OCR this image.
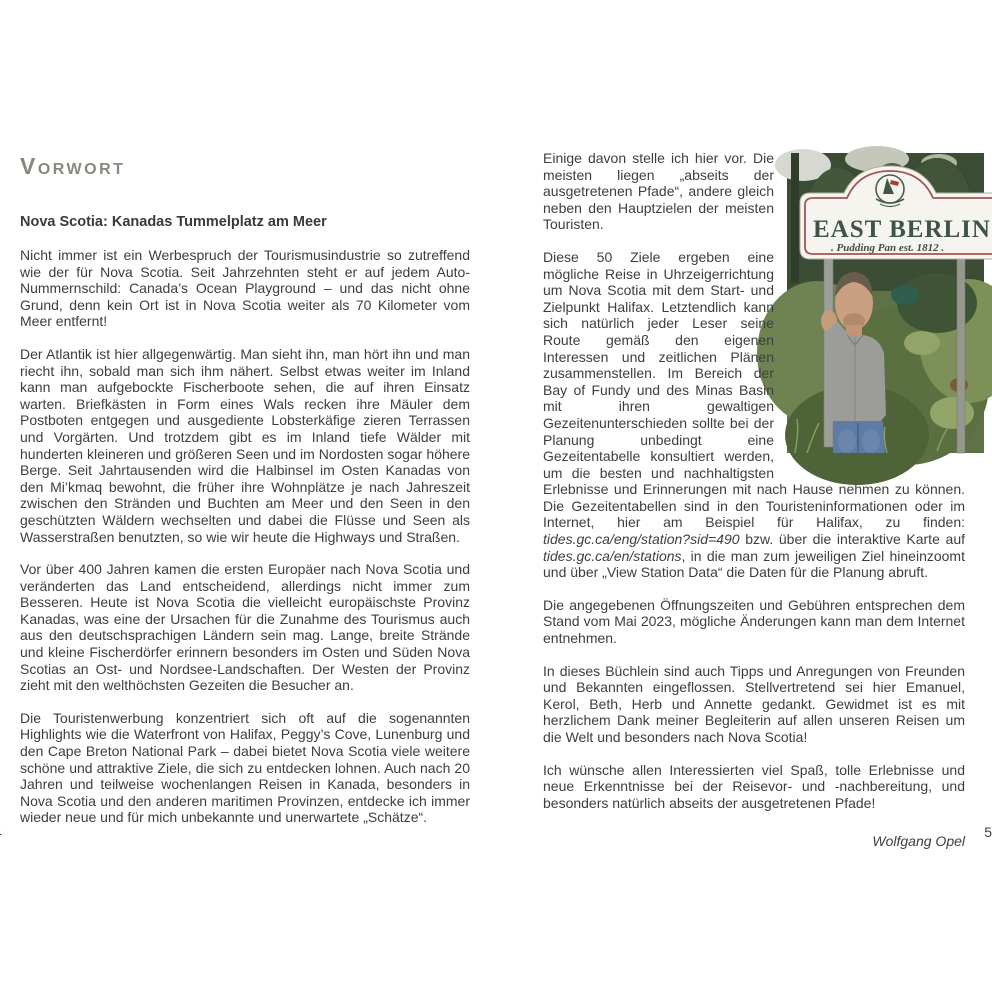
5
Vorwort
Nova Scotia: Kanadas Tummelplatz am Meer

Nicht immer ist ein Werbespruch der Tourismusindustrie so zutreffend wie der für Nova Scotia. Seit Jahrzehnten steht er auf jedem Auto-Nummernschild: Canada’s Ocean Playground – und das nicht ohne Grund, denn kein Ort ist in Nova Scotia weiter als 70 Kilometer vom Meer entfernt!

Der Atlantik ist hier allgegenwärtig. Man sieht ihn, man hört ihn und man riecht ihn, sobald man sich ihm nähert. Selbst etwas weiter im Inland kann man aufgebockte Fischerboote sehen, die auf ihren Einsatz warten. Briefkästen in Form eines Wals recken ihre Mäuler dem Postboten entgegen und ausgediente Lobsterkäfige zieren Terrassen und Vorgärten. Und trotzdem gibt es im Inland tiefe Wälder mit hunderten kleineren und größeren Seen und im Nordosten sogar höhere Berge. Seit Jahrtausenden wird die Halbinsel im Osten Kanadas von den Mi’kmaq bewohnt, die früher ihre Wohnplätze je nach Jahreszeit zwischen den Stränden und Buchten am Meer und den Seen in den geschützten Wäldern wechselten und dabei die Flüsse und Seen als Wasserstraßen benutzten, so wie wir heute die Highways und Straßen.

Vor über 400 Jahren kamen die ersten Europäer nach Nova Scotia und veränderten das Land entscheidend, allerdings nicht immer zum Besseren. Heute ist Nova Scotia die vielleicht europäischste Provinz Kanadas, was eine der Ursachen für die Zunahme des Tourismus auch aus den deutschsprachigen Ländern sein mag. Lange, breite Strände und kleine Fischerdörfer erinnern besonders im Osten und Süden Nova Scotias an Ost- und Nordsee-Landschaften. Der Westen der Provinz zieht mit den welthöchsten Gezeiten die Besucher an.

Die Touristenwerbung konzentriert sich oft auf die sogenannten Highlights wie die Waterfront von Halifax, Peggy’s Cove, Lunenburg und den Cape Breton National Park – dabei bietet Nova Scotia viele weitere schöne und attraktive Ziele, die sich zu entdecken lohnen. Auch nach 20 Jahren und teilweise wochenlangen Reisen in Kanada, besonders in Nova Scotia und den anderen maritimen Provinzen, entdecke ich immer wieder neue und für mich unbekannte und unerwartete „Schätze“.

EAST BERLIN
. Pudding Pan est. 1812 .

Einige davon stelle ich hier vor. Die meisten liegen „abseits der ausgetretenen Pfade“, andere gleich neben den Hauptzielen der meisten Touristen.

Diese 50 Ziele ergeben eine mögliche Reise in Uhrzeigerrichtung um Nova Scotia mit dem Start- und Zielpunkt Halifax. Letztendlich kann sich natürlich jeder Leser seine Route gemäß den eigenen Interessen und zeitlichen Plänen zusammenstellen. Im Bereich der Bay of Fundy und des Minas Basin mit ihren gewaltigen Gezeitenunterschieden sollte bei der Planung unbedingt eine Gezeitentabelle konsultiert werden, um die besten und nachhaltigsten Erlebnisse und Erinnerungen mit nach Hause nehmen zu können. Die Gezeitentabellen sind in den Touristeninformationen oder im Internet, hier am Beispiel für Halifax, zu finden: tides.gc.ca/eng/station?sid=490 bzw. über die interaktive Karte auf tides.gc.ca/en/stations, in die man zum jeweiligen Ziel hineinzoomt und über „View Station Data“ die Daten für die Planung abruft.

Die angegebenen Öffnungszeiten und Gebühren entsprechen dem Stand vom Mai 2023, mögliche Änderungen kann man dem Internet entnehmen.

In dieses Büchlein sind auch Tipps und Anregungen von Freunden und Bekannten eingeflossen. Stellvertretend sei hier Emanuel, Kerol, Beth, Herb und Annette gedankt. Gewidmet ist es mit herzlichem Dank meiner Begleiterin auf allen unseren Reisen um die Welt und besonders nach Nova Scotia!

Ich wünsche allen Interessierten viel Spaß, tolle Erlebnisse und neue Erkenntnisse bei der Reisevor- und -nachbereitung, und besonders natürlich abseits der ausgetretenen Pfade!

Wolfgang Opel
